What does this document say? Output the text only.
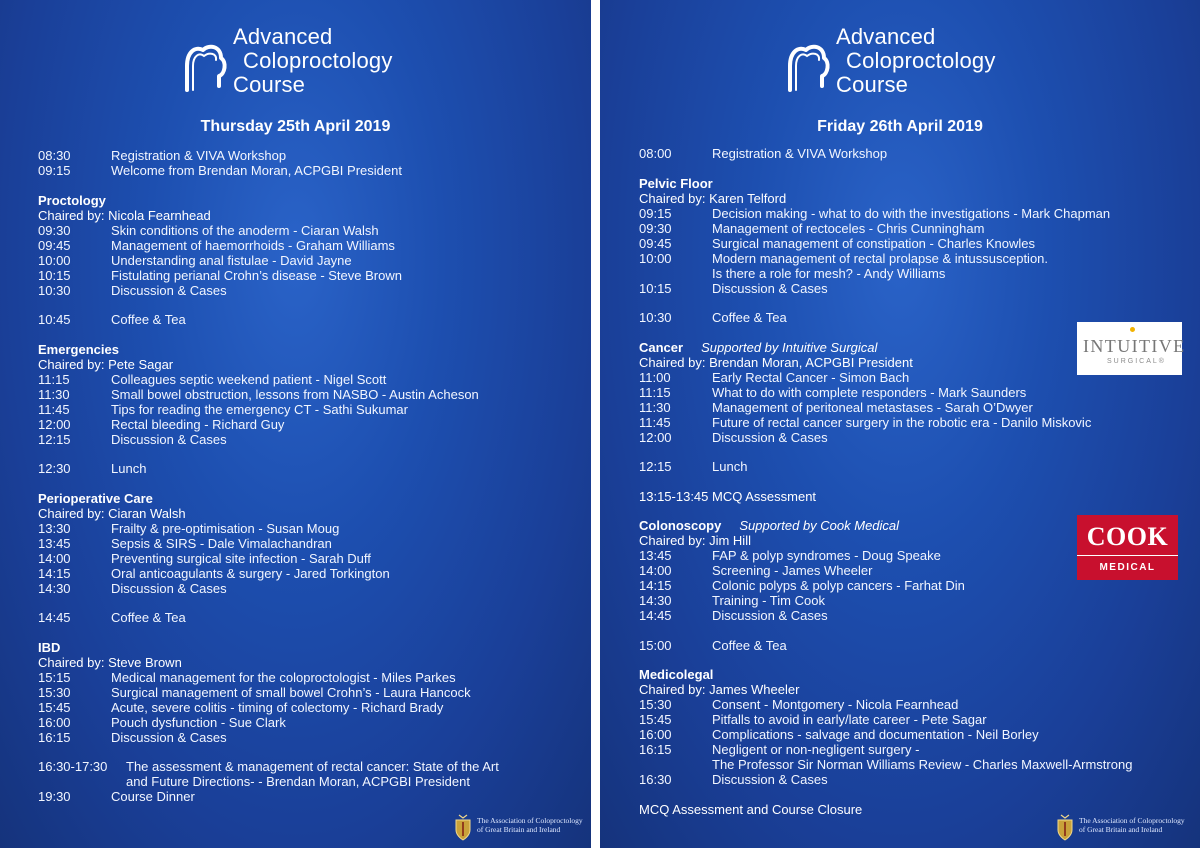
Advanced
Coloproctology
Course
Thursday 25th April 2019
08:30	Registration & VIVA Workshop
09:15	Welcome from Brendan Moran, ACPGBI President
Proctology
Chaired by: Nicola Fearnhead
09:30	Skin conditions of the anoderm - Ciaran Walsh
09:45	Management of haemorrhoids - Graham Williams
10:00	Understanding anal fistulae - David Jayne
10:15	Fistulating perianal Crohn’s disease - Steve Brown
10:30	Discussion & Cases
10:45	Coffee & Tea
Emergencies
Chaired by: Pete Sagar
11:15	Colleagues septic weekend patient - Nigel Scott
11:30	Small bowel obstruction, lessons from NASBO - Austin Acheson
11:45	Tips for reading the emergency CT - Sathi Sukumar
12:00	Rectal bleeding - Richard Guy
12:15	Discussion & Cases
12:30	Lunch
Perioperative Care
Chaired by: Ciaran Walsh
13:30	Frailty & pre-optimisation - Susan Moug
13:45	Sepsis & SIRS - Dale Vimalachandran
14:00	Preventing surgical site infection - Sarah Duff
14:15	Oral anticoagulants & surgery - Jared Torkington
14:30	Discussion & Cases
14:45	Coffee & Tea
IBD
Chaired by: Steve Brown
15:15	Medical management for the coloproctologist - Miles Parkes
15:30	Surgical management of small bowel Crohn’s - Laura Hancock
15:45	Acute, severe colitis - timing of colectomy - Richard Brady
16:00	Pouch dysfunction - Sue Clark
16:15	Discussion & Cases
16:30-17:30	The assessment & management of rectal cancer: State of the Art
and Future Directions- - Brendan Moran, ACPGBI President
19:30	Course Dinner
The Association of Coloproctology
of Great Britain and Ireland
Advanced
Coloproctology
Course
Friday 26th April 2019
08:00	Registration & VIVA Workshop
Pelvic Floor
Chaired by: Karen Telford
09:15	Decision making - what to do with the investigations - Mark Chapman
09:30	Management of rectoceles - Chris Cunningham
09:45	Surgical management of constipation - Charles Knowles
10:00	Modern management of rectal prolapse & intussusception.
Is there a role for mesh? - Andy Williams
10:15	Discussion & Cases
10:30	Coffee & Tea
Cancer Supported by Intuitive Surgical
Chaired by: Brendan Moran, ACPGBI President
11:00	Early Rectal Cancer - Simon Bach
11:15	What to do with complete responders - Mark Saunders
11:30	Management of peritoneal metastases - Sarah O’Dwyer
11:45	Future of rectal cancer surgery in the robotic era - Danilo Miskovic
12:00	Discussion & Cases
12:15	Lunch
13:15-13:45 MCQ Assessment
Colonoscopy Supported by Cook Medical
Chaired by: Jim Hill
13:45	FAP & polyp syndromes - Doug Speake
14:00	Screening - James Wheeler
14:15	Colonic polyps & polyp cancers - Farhat Din
14:30	Training - Tim Cook
14:45	Discussion & Cases
15:00	Coffee & Tea
Medicolegal
Chaired by: James Wheeler
15:30	Consent - Montgomery - Nicola Fearnhead
15:45	Pitfalls to avoid in early/late career - Pete Sagar
16:00	Complications - salvage and documentation - Neil Borley
16:15	Negligent or non-negligent surgery -
The Professor Sir Norman Williams Review - Charles Maxwell-Armstrong
16:30	Discussion & Cases
MCQ Assessment and Course Closure
The Association of Coloproctology
of Great Britain and Ireland
INTUITIVE
SURGICAL®
COOK
MEDICAL
